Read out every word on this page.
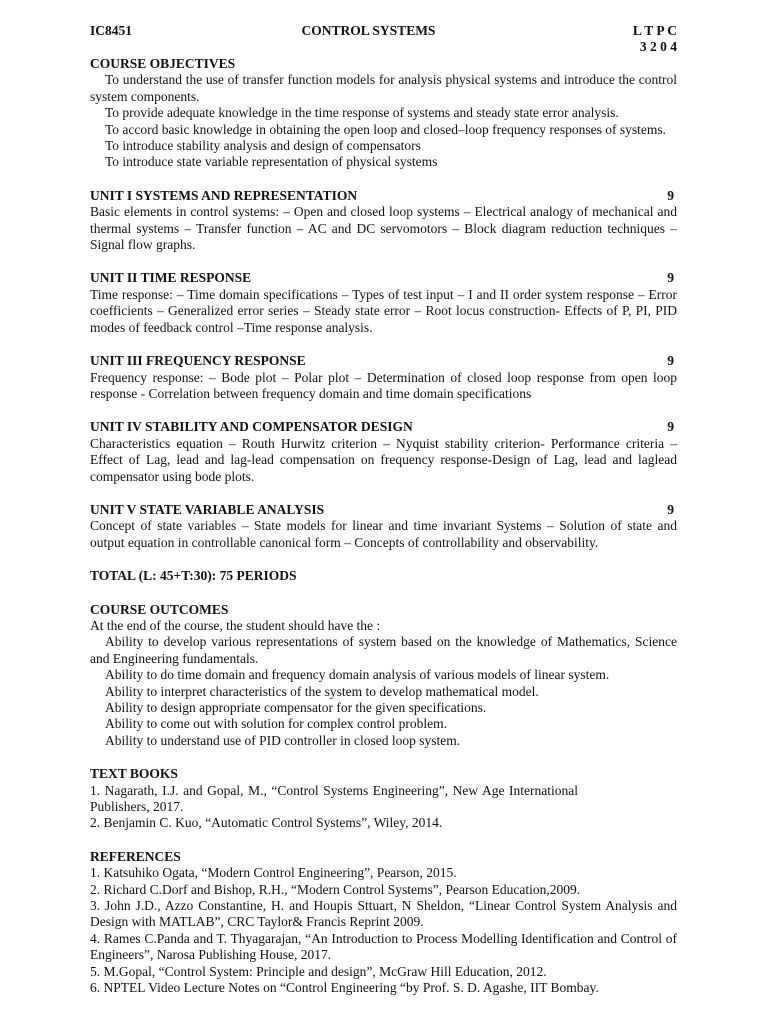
IC8451	CONTROL SYSTEMS	L T P C
3 2 0 4
COURSE OBJECTIVES
To understand the use of transfer function models for analysis physical systems and introduce the control system components.
To provide adequate knowledge in the time response of systems and steady state error analysis.
To accord basic knowledge in obtaining the open loop and closed–loop frequency responses of systems.
To introduce stability analysis and design of compensators
To introduce state variable representation of physical systems
UNIT I SYSTEMS AND REPRESENTATION	9
Basic elements in control systems: – Open and closed loop systems – Electrical analogy of mechanical and thermal systems – Transfer function – AC and DC servomotors – Block diagram reduction techniques – Signal flow graphs.
UNIT II TIME RESPONSE	9
Time response: – Time domain specifications – Types of test input – I and II order system response – Error coefficients – Generalized error series – Steady state error – Root locus construction- Effects of P, PI, PID modes of feedback control –Time response analysis.
UNIT III FREQUENCY RESPONSE	9
Frequency response: – Bode plot – Polar plot – Determination of closed loop response from open loop response - Correlation between frequency domain and time domain specifications
UNIT IV STABILITY AND COMPENSATOR DESIGN	9
Characteristics equation – Routh Hurwitz criterion – Nyquist stability criterion- Performance criteria – Effect of Lag, lead and lag-lead compensation on frequency response-Design of Lag, lead and laglead compensator using bode plots.
UNIT V STATE VARIABLE ANALYSIS	9
Concept of state variables – State models for linear and time invariant Systems – Solution of state and output equation in controllable canonical form – Concepts of controllability and observability.
TOTAL (L: 45+T:30): 75 PERIODS
COURSE OUTCOMES
At the end of the course, the student should have the :
Ability to develop various representations of system based on the knowledge of Mathematics, Science and Engineering fundamentals.
Ability to do time domain and frequency domain analysis of various models of linear system.
Ability to interpret characteristics of the system to develop mathematical model.
Ability to design appropriate compensator for the given specifications.
Ability to come out with solution for complex control problem.
Ability to understand use of PID controller in closed loop system.
TEXT BOOKS
1. Nagarath, I.J. and Gopal, M., “Control Systems Engineering”, New Age International Publishers, 2017.
2. Benjamin C. Kuo, “Automatic Control Systems”, Wiley, 2014.
REFERENCES
1. Katsuhiko Ogata, “Modern Control Engineering”, Pearson, 2015.
2. Richard C.Dorf and Bishop, R.H., “Modern Control Systems”, Pearson Education,2009.
3. John J.D., Azzo Constantine, H. and Houpis Sttuart, N Sheldon, “Linear Control System Analysis and Design with MATLAB”, CRC Taylor& Francis Reprint 2009.
4. Rames C.Panda and T. Thyagarajan, “An Introduction to Process Modelling Identification and Control of Engineers”, Narosa Publishing House, 2017.
5. M.Gopal, “Control System: Principle and design”, McGraw Hill Education, 2012.
6. NPTEL Video Lecture Notes on “Control Engineering “by Prof. S. D. Agashe, IIT Bombay.
